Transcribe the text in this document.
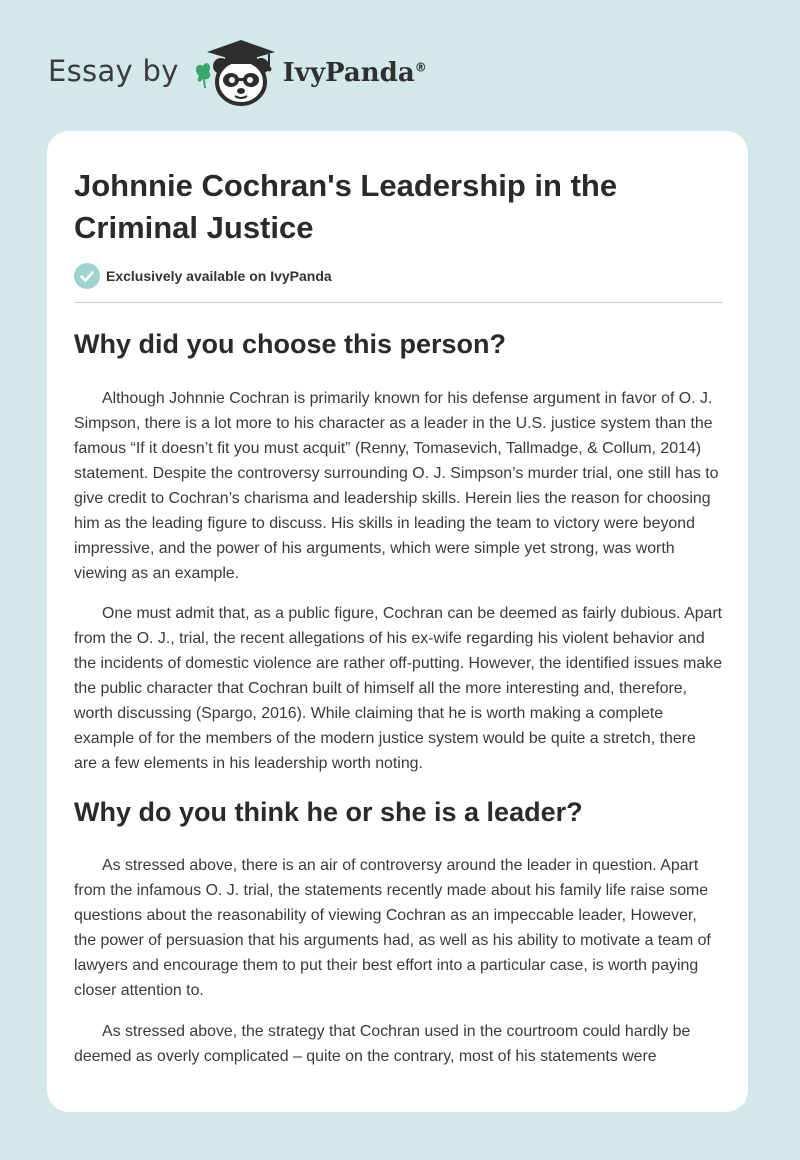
Essay by	IvyPanda®
Johnnie Cochran's Leadership in the Criminal Justice
Exclusively available on IvyPanda
Why did you choose this person?

Although Johnnie Cochran is primarily known for his defense argument in favor of O. J. Simpson, there is a lot more to his character as a leader in the U.S. justice system than the famous “If it doesn’t fit you must acquit” (Renny, Tomasevich, Tallmadge, & Collum, 2014) statement. Despite the controversy surrounding O. J. Simpson’s murder trial, one still has to give credit to Cochran’s charisma and leadership skills. Herein lies the reason for choosing him as the leading figure to discuss. His skills in leading the team to victory were beyond impressive, and the power of his arguments, which were simple yet strong, was worth viewing as an example.

One must admit that, as a public figure, Cochran can be deemed as fairly dubious. Apart from the O. J., trial, the recent allegations of his ex-wife regarding his violent behavior and the incidents of domestic violence are rather off-putting. However, the identified issues make the public character that Cochran built of himself all the more interesting and, therefore, worth discussing (Spargo, 2016). While claiming that he is worth making a complete example of for the members of the modern justice system would be quite a stretch, there are a few elements in his leadership worth noting.

Why do you think he or she is a leader?

As stressed above, there is an air of controversy around the leader in question. Apart from the infamous O. J. trial, the statements recently made about his family life raise some questions about the reasonability of viewing Cochran as an impeccable leader, However, the power of persuasion that his arguments had, as well as his ability to motivate a team of lawyers and encourage them to put their best effort into a particular case, is worth paying closer attention to.

As stressed above, the strategy that Cochran used in the courtroom could hardly be deemed as overly complicated – quite on the contrary, most of his statements were
